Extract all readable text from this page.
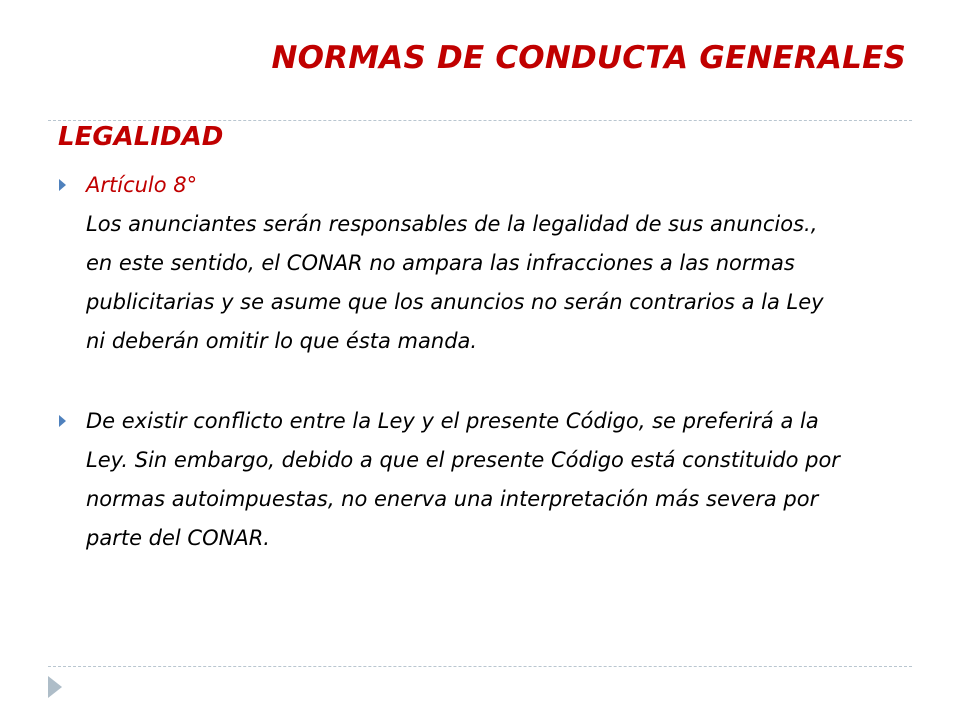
NORMAS DE CONDUCTA GENERALES
LEGALIDAD

Artículo 8°
Los anunciantes serán responsables de la legalidad de sus anuncios.,
en este sentido, el CONAR no ampara las infracciones a las normas
publicitarias y se asume que los anuncios no serán contrarios a la Ley
ni deberán omitir lo que ésta manda.

De existir conflicto entre la Ley y el presente Código, se preferirá a la
Ley. Sin embargo, debido a que el presente Código está constituido por
normas autoimpuestas, no enerva una interpretación más severa por
parte del CONAR.
